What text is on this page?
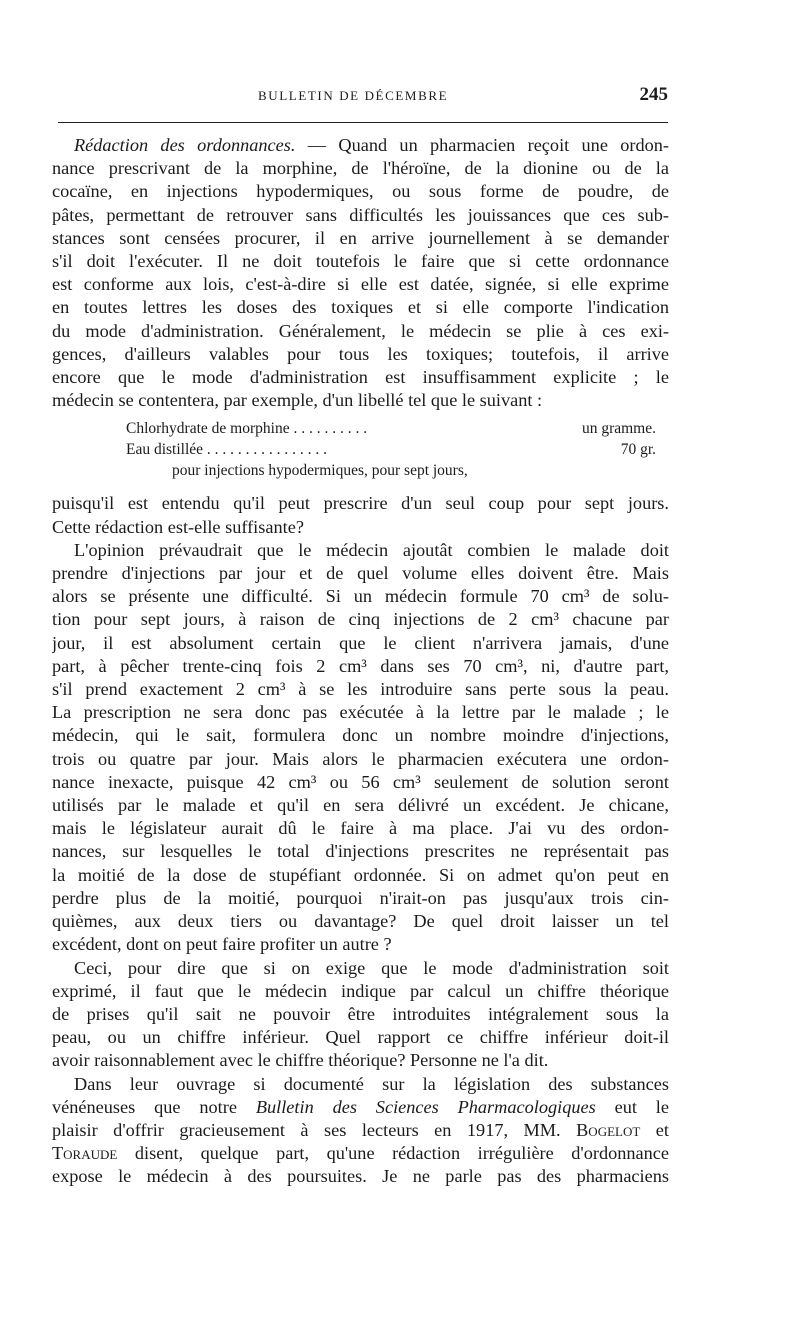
BULLETIN DE DÉCEMBRE	245
Rédaction des ordonnances. — Quand un pharmacien reçoit une ordon-
nance prescrivant de la morphine, de l'héroïne, de la dionine ou de la
cocaïne, en injections hypodermiques, ou sous forme de poudre, de
pâtes, permettant de retrouver sans difficultés les jouissances que ces sub-
stances sont censées procurer, il en arrive journellement à se demander
s'il doit l'exécuter. Il ne doit toutefois le faire que si cette ordonnance
est conforme aux lois, c'est-à-dire si elle est datée, signée, si elle exprime
en toutes lettres les doses des toxiques et si elle comporte l'indication
du mode d'administration. Généralement, le médecin se plie à ces exi-
gences, d'ailleurs valables pour tous les toxiques; toutefois, il arrive
encore que le mode d'administration est insuffisamment explicite ; le
médecin se contentera, par exemple, d'un libellé tel que le suivant :
Chlorhydrate de morphine . . . . . . . . . .	un gramme.
Eau distillée . . . . . . . . . . . . . . . .	70 gr.
pour injections hypodermiques, pour sept jours,
puisqu'il est entendu qu'il peut prescrire d'un seul coup pour sept jours.
Cette rédaction est-elle suffisante?
L'opinion prévaudrait que le médecin ajoutât combien le malade doit
prendre d'injections par jour et de quel volume elles doivent être. Mais
alors se présente une difficulté. Si un médecin formule 70 cm³ de solu-
tion pour sept jours, à raison de cinq injections de 2 cm³ chacune par
jour, il est absolument certain que le client n'arrivera jamais, d'une
part, à pêcher trente-cinq fois 2 cm³ dans ses 70 cm³, ni, d'autre part,
s'il prend exactement 2 cm³ à se les introduire sans perte sous la peau.
La prescription ne sera donc pas exécutée à la lettre par le malade ; le
médecin, qui le sait, formulera donc un nombre moindre d'injections,
trois ou quatre par jour. Mais alors le pharmacien exécutera une ordon-
nance inexacte, puisque 42 cm³ ou 56 cm³ seulement de solution seront
utilisés par le malade et qu'il en sera délivré un excédent. Je chicane,
mais le législateur aurait dû le faire à ma place. J'ai vu des ordon-
nances, sur lesquelles le total d'injections prescrites ne représentait pas
la moitié de la dose de stupéfiant ordonnée. Si on admet qu'on peut en
perdre plus de la moitié, pourquoi n'irait-on pas jusqu'aux trois cin-
quièmes, aux deux tiers ou davantage? De quel droit laisser un tel
excédent, dont on peut faire profiter un autre ?
Ceci, pour dire que si on exige que le mode d'administration soit
exprimé, il faut que le médecin indique par calcul un chiffre théorique
de prises qu'il sait ne pouvoir être introduites intégralement sous la
peau, ou un chiffre inférieur. Quel rapport ce chiffre inférieur doit-il
avoir raisonnablement avec le chiffre théorique? Personne ne l'a dit.
Dans leur ouvrage si documenté sur la législation des substances
vénéneuses que notre Bulletin des Sciences Pharmacologiques eut le
plaisir d'offrir gracieusement à ses lecteurs en 1917, MM. Bogelot et
Toraude disent, quelque part, qu'une rédaction irrégulière d'ordonnance
expose le médecin à des poursuites. Je ne parle pas des pharmaciens
